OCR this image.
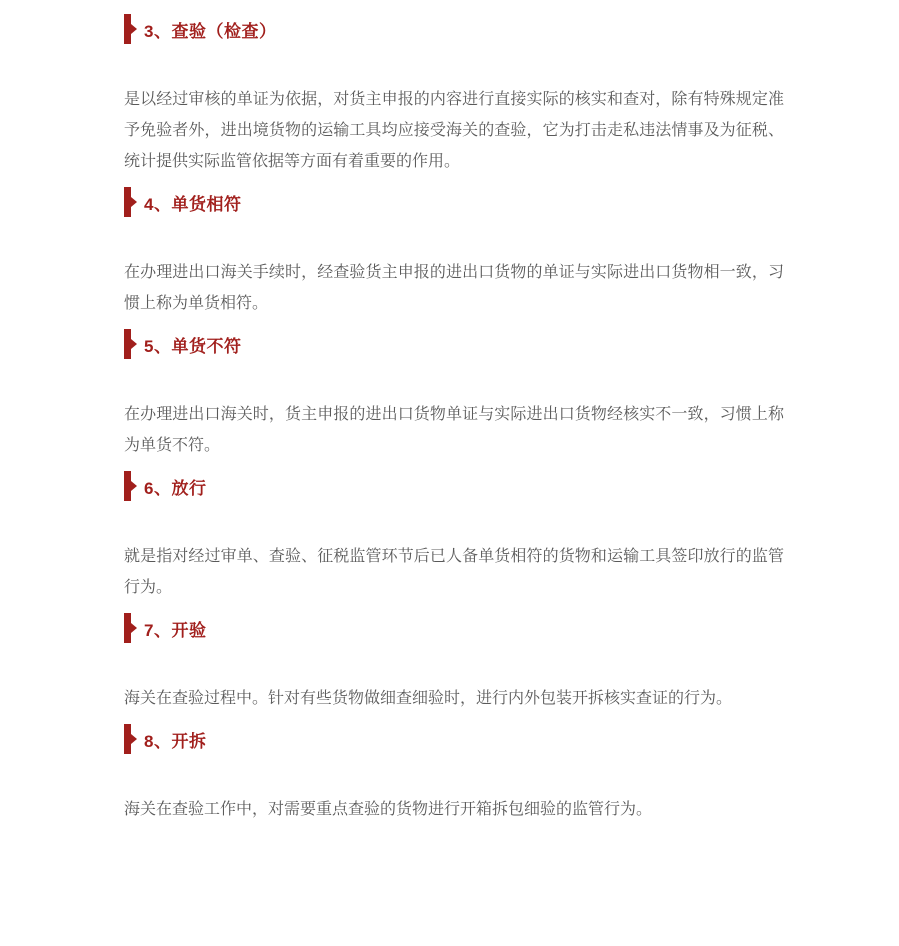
3、查验（检查）

是以经过审核的单证为依据，对货主申报的内容进行直接实际的核实和查对，除有特殊规定准予免验者外，进出境货物的运输工具均应接受海关的查验，它为打击走私违法情事及为征税、统计提供实际监管依据等方面有着重要的作用。

4、单货相符

在办理进出口海关手续时，经查验货主申报的进出口货物的单证与实际进出口货物相一致，习惯上称为单货相符。

5、单货不符

在办理进出口海关时，货主申报的进出口货物单证与实际进出口货物经核实不一致，习惯上称为单货不符。

6、放行

就是指对经过审单、查验、征税监管环节后已人备单货相符的货物和运输工具签印放行的监管行为。

7、开验

海关在查验过程中。针对有些货物做细查细验时，进行内外包装开拆核实查证的行为。

8、开拆

海关在查验工作中，对需要重点查验的货物进行开箱拆包细验的监管行为。
